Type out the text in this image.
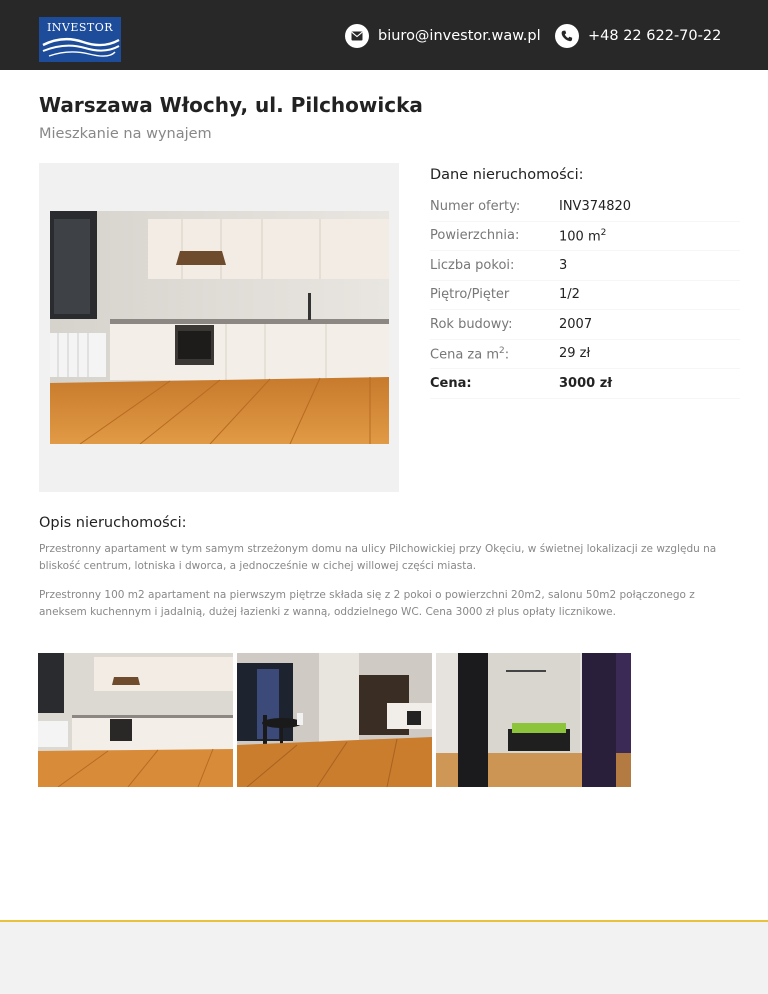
INVESTOR
biuro@investor.waw.pl	+48 22 622-70-22
Warszawa Włochy, ul. Pilchowicka
Mieszkanie na wynajem
Dane nieruchomości:
Numer oferty:	INV374820
Powierzchnia:	100 $m^2$
Liczba pokoi:	3
Piętro/Pięter	1/2
Rok budowy:	2007
Cena za $m^2$:	29 zł
Cena:	3000 zł
Opis nieruchomości:

Przestronny apartament w tym samym strzeżonym domu na ulicy Pilchowickiej przy Okęciu, w świetnej lokalizacji ze względu na bliskość centrum, lotniska i dworca, a jednocześnie w cichej willowej części miasta.

Przestronny 100 m2 apartament na pierwszym piętrze składa się z 2 pokoi o powierzchni 20m2, salonu 50m2 połączonego z aneksem kuchennym i jadalnią, dużej łazienki z wanną, oddzielnego WC. Cena 3000 zł plus opłaty licznikowe.
